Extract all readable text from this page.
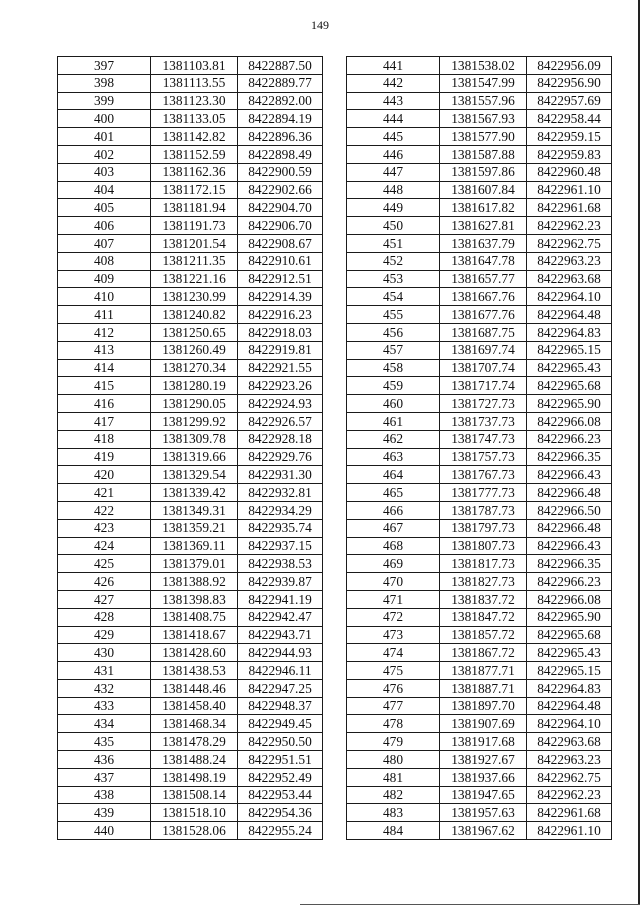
149
397	1381103.81	8422887.50
398	1381113.55	8422889.77
399	1381123.30	8422892.00
400	1381133.05	8422894.19
401	1381142.82	8422896.36
402	1381152.59	8422898.49
403	1381162.36	8422900.59
404	1381172.15	8422902.66
405	1381181.94	8422904.70
406	1381191.73	8422906.70
407	1381201.54	8422908.67
408	1381211.35	8422910.61
409	1381221.16	8422912.51
410	1381230.99	8422914.39
411	1381240.82	8422916.23
412	1381250.65	8422918.03
413	1381260.49	8422919.81
414	1381270.34	8422921.55
415	1381280.19	8422923.26
416	1381290.05	8422924.93
417	1381299.92	8422926.57
418	1381309.78	8422928.18
419	1381319.66	8422929.76
420	1381329.54	8422931.30
421	1381339.42	8422932.81
422	1381349.31	8422934.29
423	1381359.21	8422935.74
424	1381369.11	8422937.15
425	1381379.01	8422938.53
426	1381388.92	8422939.87
427	1381398.83	8422941.19
428	1381408.75	8422942.47
429	1381418.67	8422943.71
430	1381428.60	8422944.93
431	1381438.53	8422946.11
432	1381448.46	8422947.25
433	1381458.40	8422948.37
434	1381468.34	8422949.45
435	1381478.29	8422950.50
436	1381488.24	8422951.51
437	1381498.19	8422952.49
438	1381508.14	8422953.44
439	1381518.10	8422954.36
440	1381528.06	8422955.24
441	1381538.02	8422956.09
442	1381547.99	8422956.90
443	1381557.96	8422957.69
444	1381567.93	8422958.44
445	1381577.90	8422959.15
446	1381587.88	8422959.83
447	1381597.86	8422960.48
448	1381607.84	8422961.10
449	1381617.82	8422961.68
450	1381627.81	8422962.23
451	1381637.79	8422962.75
452	1381647.78	8422963.23
453	1381657.77	8422963.68
454	1381667.76	8422964.10
455	1381677.76	8422964.48
456	1381687.75	8422964.83
457	1381697.74	8422965.15
458	1381707.74	8422965.43
459	1381717.74	8422965.68
460	1381727.73	8422965.90
461	1381737.73	8422966.08
462	1381747.73	8422966.23
463	1381757.73	8422966.35
464	1381767.73	8422966.43
465	1381777.73	8422966.48
466	1381787.73	8422966.50
467	1381797.73	8422966.48
468	1381807.73	8422966.43
469	1381817.73	8422966.35
470	1381827.73	8422966.23
471	1381837.72	8422966.08
472	1381847.72	8422965.90
473	1381857.72	8422965.68
474	1381867.72	8422965.43
475	1381877.71	8422965.15
476	1381887.71	8422964.83
477	1381897.70	8422964.48
478	1381907.69	8422964.10
479	1381917.68	8422963.68
480	1381927.67	8422963.23
481	1381937.66	8422962.75
482	1381947.65	8422962.23
483	1381957.63	8422961.68
484	1381967.62	8422961.10
